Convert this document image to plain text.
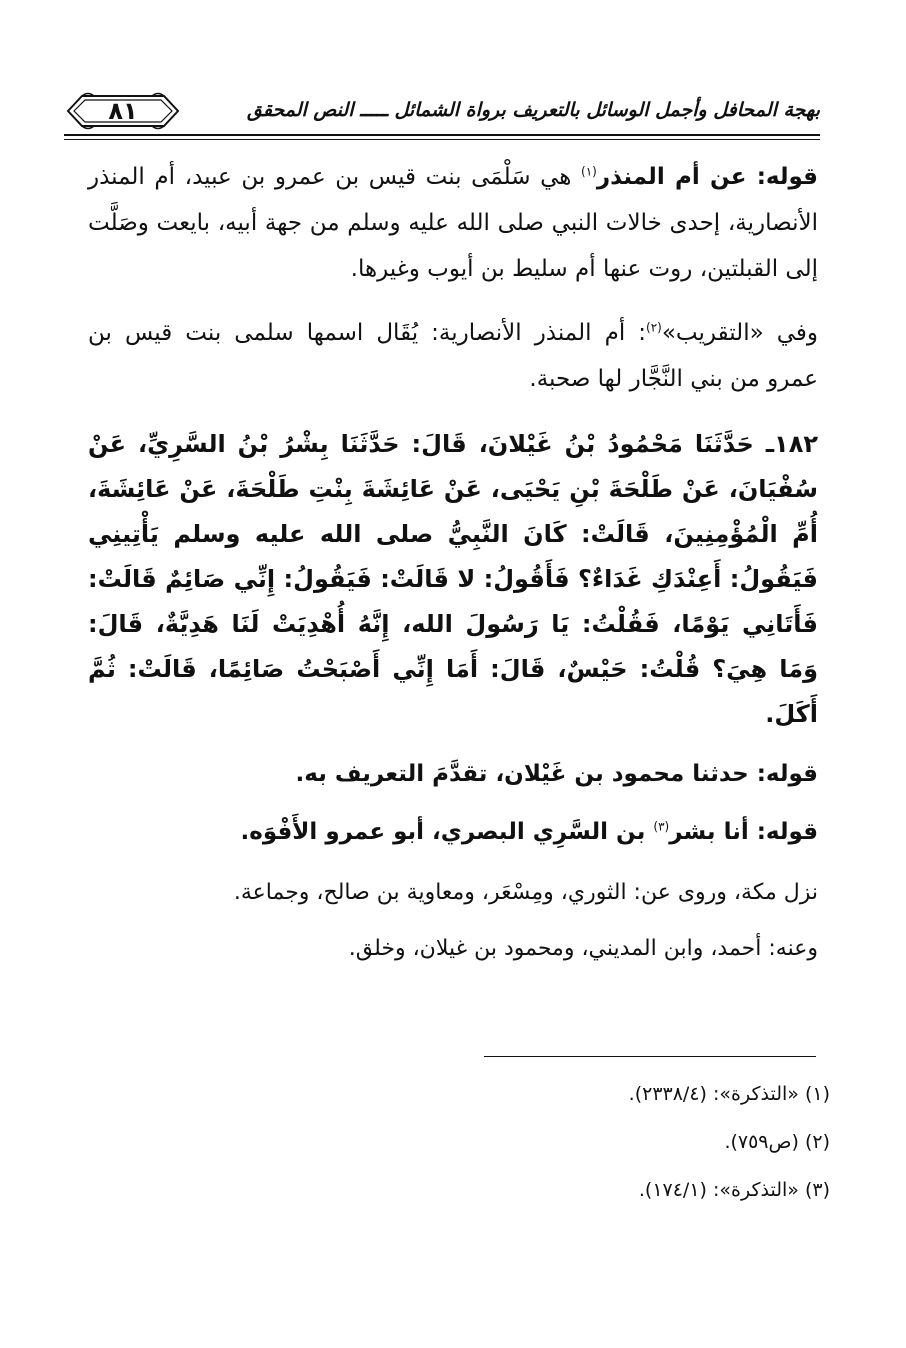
بهجة المحافل وأجمل الوسائل بالتعريف برواة الشمائل ـــــ النص المحقق
٨١

قوله: عن أم المنذر$^{(١)}$ هي سَلْمَى بنت قيس بن عمرو بن عبيد، أم المنذر الأنصارية، إحدى خالات النبي صلى الله عليه وسلم من جهة أبيه، بايعت وصَلَّت إلى القبلتين، روت عنها أم سليط بن أيوب وغيرها.

وفي «التقريب»$^{(٢)}$: أم المنذر الأنصارية: يُقَال اسمها سلمى بنت قيس بن عمرو من بني النَّجَّار لها صحبة.

١٨٢ـ حَدَّثَنَا مَحْمُودُ بْنُ غَيْلانَ، قَالَ: حَدَّثَنَا بِشْرُ بْنُ السَّرِيِّ، عَنْ سُفْيَانَ، عَنْ طَلْحَةَ بْنِ يَحْيَى، عَنْ عَائِشَةَ بِنْتِ طَلْحَةَ، عَنْ عَائِشَةَ، أُمِّ الْمُؤْمِنِينَ، قَالَتْ: كَانَ النَّبِيُّ صلى الله عليه وسلم يَأْتِينِي فَيَقُولُ: أَعِنْدَكِ غَدَاءٌ؟ فَأَقُولُ: لا قَالَتْ: فَيَقُولُ: إِنِّي صَائِمٌ قَالَتْ: فَأَتَانِي يَوْمًا، فَقُلْتُ: يَا رَسُولَ الله، إِنَّهُ أُهْدِيَتْ لَنَا هَدِيَّةٌ، قَالَ: وَمَا هِيَ؟ قُلْتُ: حَيْسٌ، قَالَ: أَمَا إِنِّي أَصْبَحْتُ صَائِمًا، قَالَتْ: ثُمَّ أَكَلَ.

قوله: حدثنا محمود بن غَيْلان، تقدَّمَ التعريف به.

قوله: أنا بشر$^{(٣)}$ بن السَّرِي البصري، أبو عمرو الأَفْوَه.

نزل مكة، وروى عن: الثوري، ومِسْعَر، ومعاوية بن صالح، وجماعة.

وعنه: أحمد، وابن المديني، ومحمود بن غيلان، وخلق.

(١) «التذكرة»: (٢٣٣٨/٤).

(٢) (ص٧٥٩).

(٣) «التذكرة»: (١٧٤/١).
